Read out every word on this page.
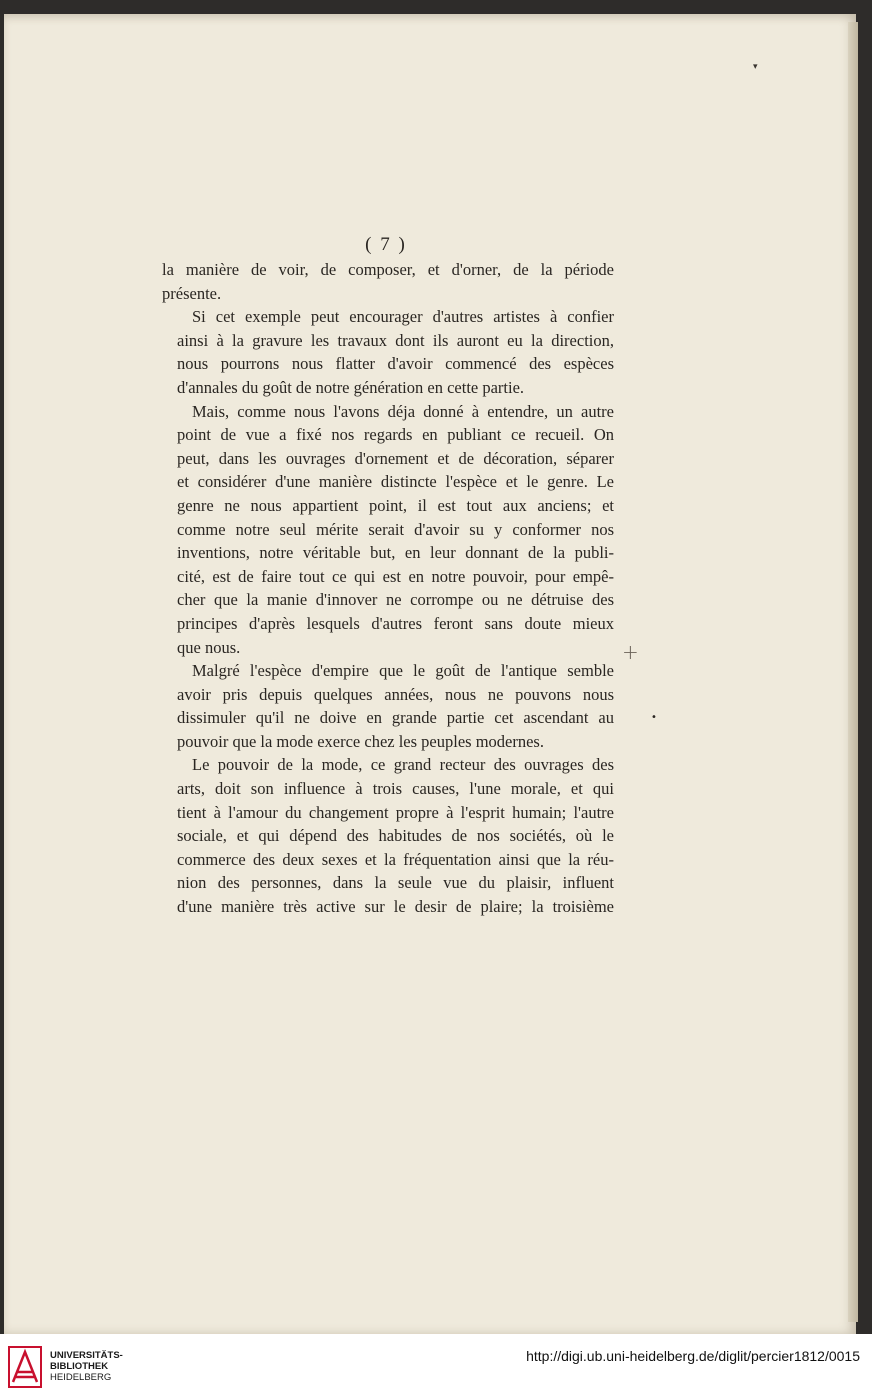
▾
( 7 )

la manière de voir, de composer, et d'orner, de la période
présente.

Si cet exemple peut encourager d'autres artistes à confier
ainsi à la gravure les travaux dont ils auront eu la direction,
nous pourrons nous flatter d'avoir commencé des espèces
d'annales du goût de notre génération en cette partie.

Mais, comme nous l'avons déja donné à entendre, un autre
point de vue a fixé nos regards en publiant ce recueil. On
peut, dans les ouvrages d'ornement et de décoration, séparer
et considérer d'une manière distincte l'espèce et le genre. Le
genre ne nous appartient point, il est tout aux anciens; et
comme notre seul mérite serait d'avoir su y conformer nos
inventions, notre véritable but, en leur donnant de la publi-
cité, est de faire tout ce qui est en notre pouvoir, pour empê-
cher que la manie d'innover ne corrompe ou ne détruise des
principes d'après lesquels d'autres feront sans doute mieux
que nous.

Malgré l'espèce d'empire que le goût de l'antique semble
avoir pris depuis quelques années, nous ne pouvons nous
dissimuler qu'il ne doive en grande partie cet ascendant au
pouvoir que la mode exerce chez les peuples modernes.

Le pouvoir de la mode, ce grand recteur des ouvrages des
arts, doit son influence à trois causes, l'une morale, et qui
tient à l'amour du changement propre à l'esprit humain; l'autre
sociale, et qui dépend des habitudes de nos sociétés, où le
commerce des deux sexes et la fréquentation ainsi que la réu-
nion des personnes, dans la seule vue du plaisir, influent
d'une manière très active sur le desir de plaire; la troisième

+
•
UNIVERSITÄTS-
BIBLIOTHEK
HEIDELBERG
http://digi.ub.uni-heidelberg.de/diglit/percier1812/0015
